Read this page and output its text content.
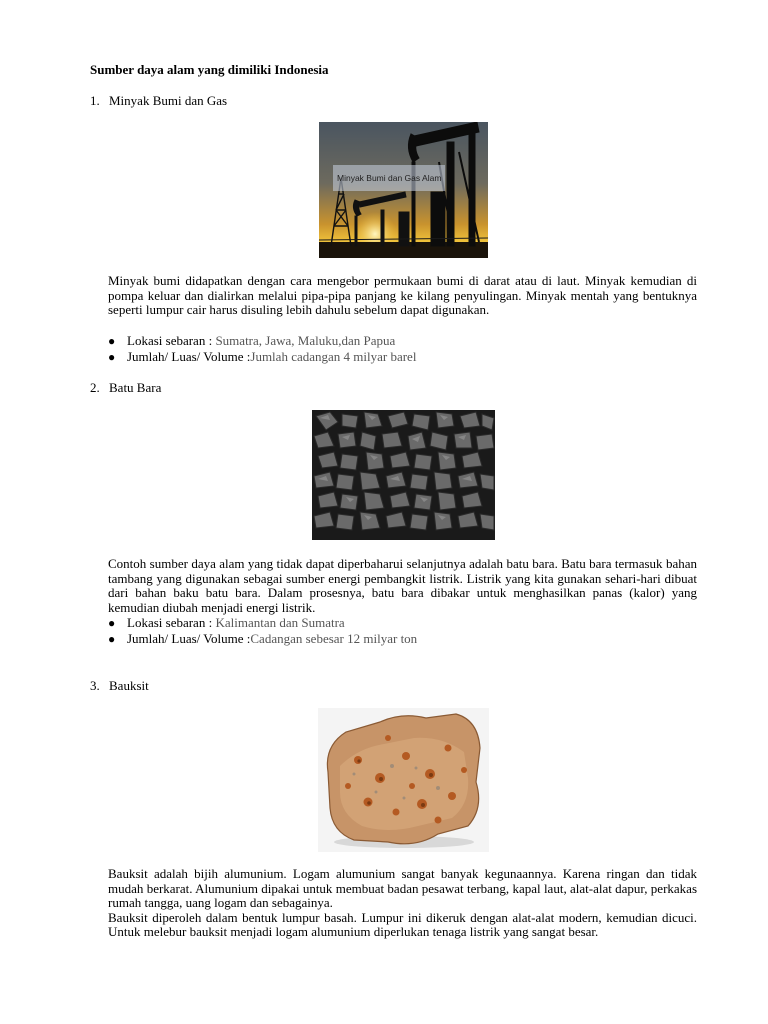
Sumber daya alam yang dimiliki Indonesia
1. Minyak Bumi dan Gas
Minyak Bumi dan Gas Alam

Minyak bumi didapatkan dengan cara mengebor permukaan bumi di darat atau di laut. Minyak kemudian di pompa keluar dan dialirkan melalui pipa-pipa panjang ke kilang penyulingan. Minyak mentah yang bentuknya seperti lumpur cair harus disuling lebih dahulu sebelum dapat digunakan.

● Lokasi sebaran :
Sumatra, Jawa, Maluku,dan Papua
● Jumlah/ Luas/ Volume : Jumlah cadangan 4 milyar barel
2. Batu Bara

Contoh sumber daya alam yang tidak dapat diperbaharui selanjutnya adalah batu bara. Batu bara termasuk bahan tambang yang digunakan sebagai sumber energi pembangkit listrik. Listrik yang kita gunakan sehari-hari dibuat dari bahan baku batu bara. Dalam prosesnya, batu bara dibakar untuk menghasilkan panas (kalor) yang kemudian diubah menjadi energi listrik.

● Lokasi sebaran :
Kalimantan dan Sumatra
● Jumlah/ Luas/ Volume : Cadangan sebesar 12 milyar ton
3. Bauksit

Bauksit adalah bijih alumunium. Logam alumunium sangat banyak kegunaannya. Karena ringan dan tidak mudah berkarat. Alumunium dipakai untuk membuat badan pesawat terbang, kapal laut, alat-alat dapur, perkakas rumah tangga, uang logam dan sebagainya.

Bauksit diperoleh dalam bentuk lumpur basah. Lumpur ini dikeruk dengan alat-alat modern, kemudian dicuci. Untuk melebur bauksit menjadi logam alumunium diperlukan tenaga listrik yang sangat besar.
